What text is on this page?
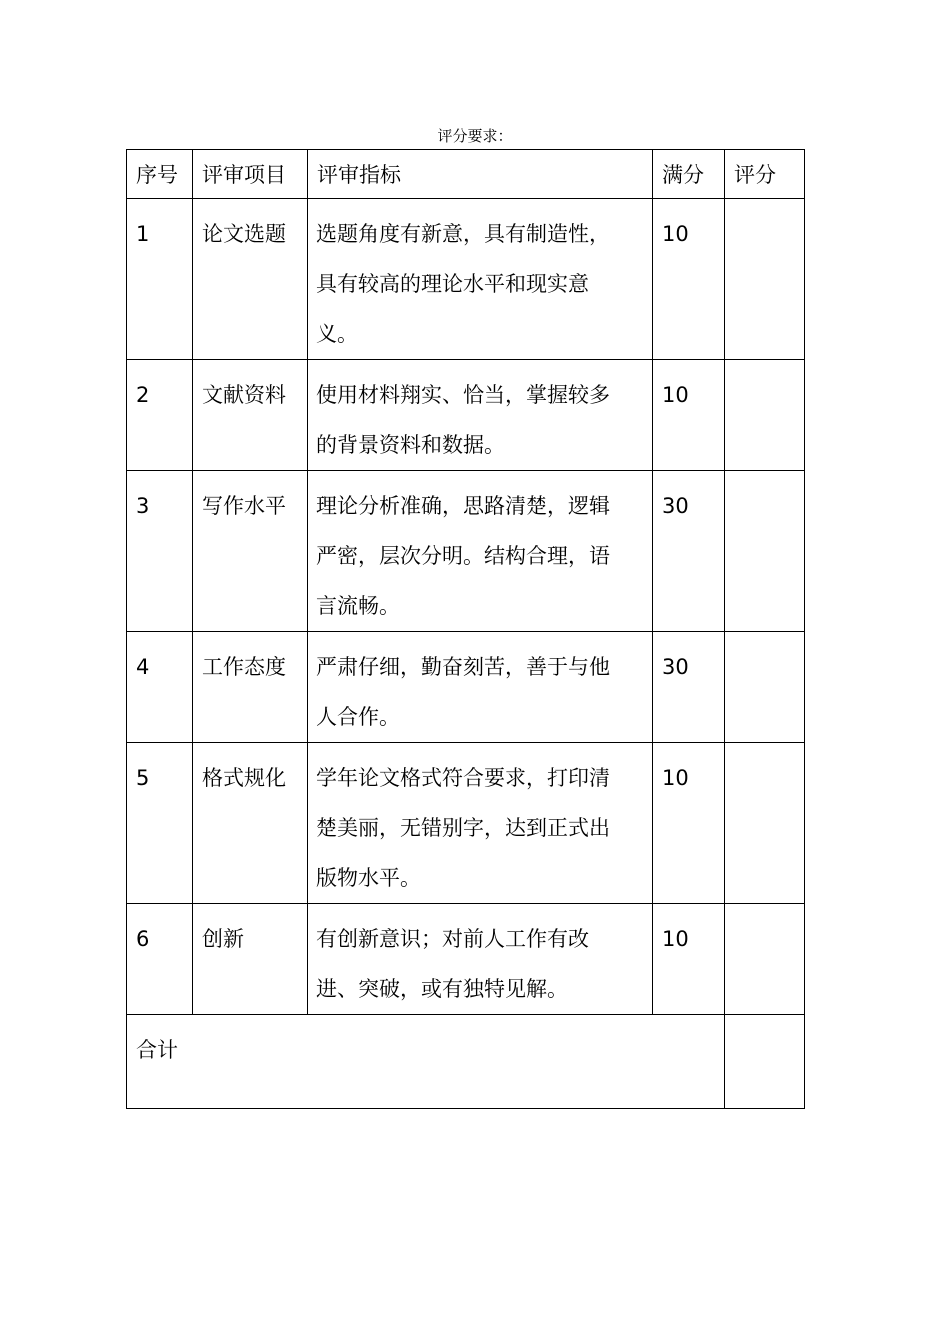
评分要求：
序号	评审项目	评审指标	满分	评分
1	论文选题	选题角度有新意，具有制造性，
具有较高的理论水平和现实意
义。	10	
2	文献资料	使用材料翔实、恰当，掌握较多
的背景资料和数据。	10	
3	写作水平	理论分析准确，思路清楚，逻辑
严密，层次分明。结构合理，语
言流畅。	30	
4	工作态度	严肃仔细，勤奋刻苦，善于与他
人合作。	30	
5	格式规化	学年论文格式符合要求，打印清
楚美丽，无错别字，达到正式出
版物水平。	10	
6	创新	有创新意识；对前人工作有改
进、突破，或有独特见解。	10	
合计				
